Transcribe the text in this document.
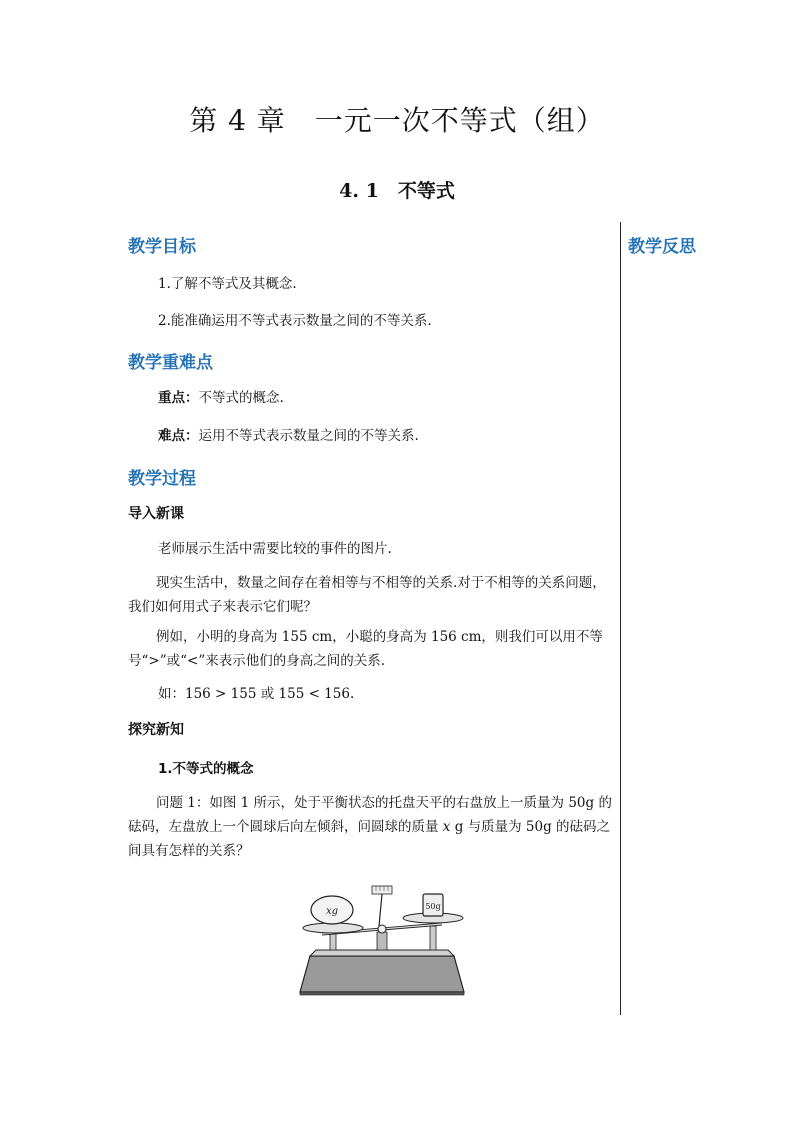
第 4 章　一元一次不等式（组）
4. 1　不等式
教学反思
教学目标
1.了解不等式及其概念.
2.能准确运用不等式表示数量之间的不等关系.
教学重难点
重点：不等式的概念.
难点：运用不等式表示数量之间的不等关系.
教学过程
导入新课
老师展示生活中需要比较的事件的图片.
现实生活中，数量之间存在着相等与不相等的关系.对于不相等的关系问题，我们如何用式子来表示它们呢？
例如，小明的身高为 155 cm，小聪的身高为 156 cm，则我们可以用不等号“>”或“<”来表示他们的身高之间的关系.
如：156 > 155 或 155 < 156.
探究新知
1.不等式的概念
问题 1：如图 1 所示，处于平衡状态的托盘天平的右盘放上一质量为 50g 的砝码，左盘放上一个圆球后向左倾斜，问圆球的质量 x g 与质量为 50g 的砝码之间具有怎样的关系？
xg	50g
